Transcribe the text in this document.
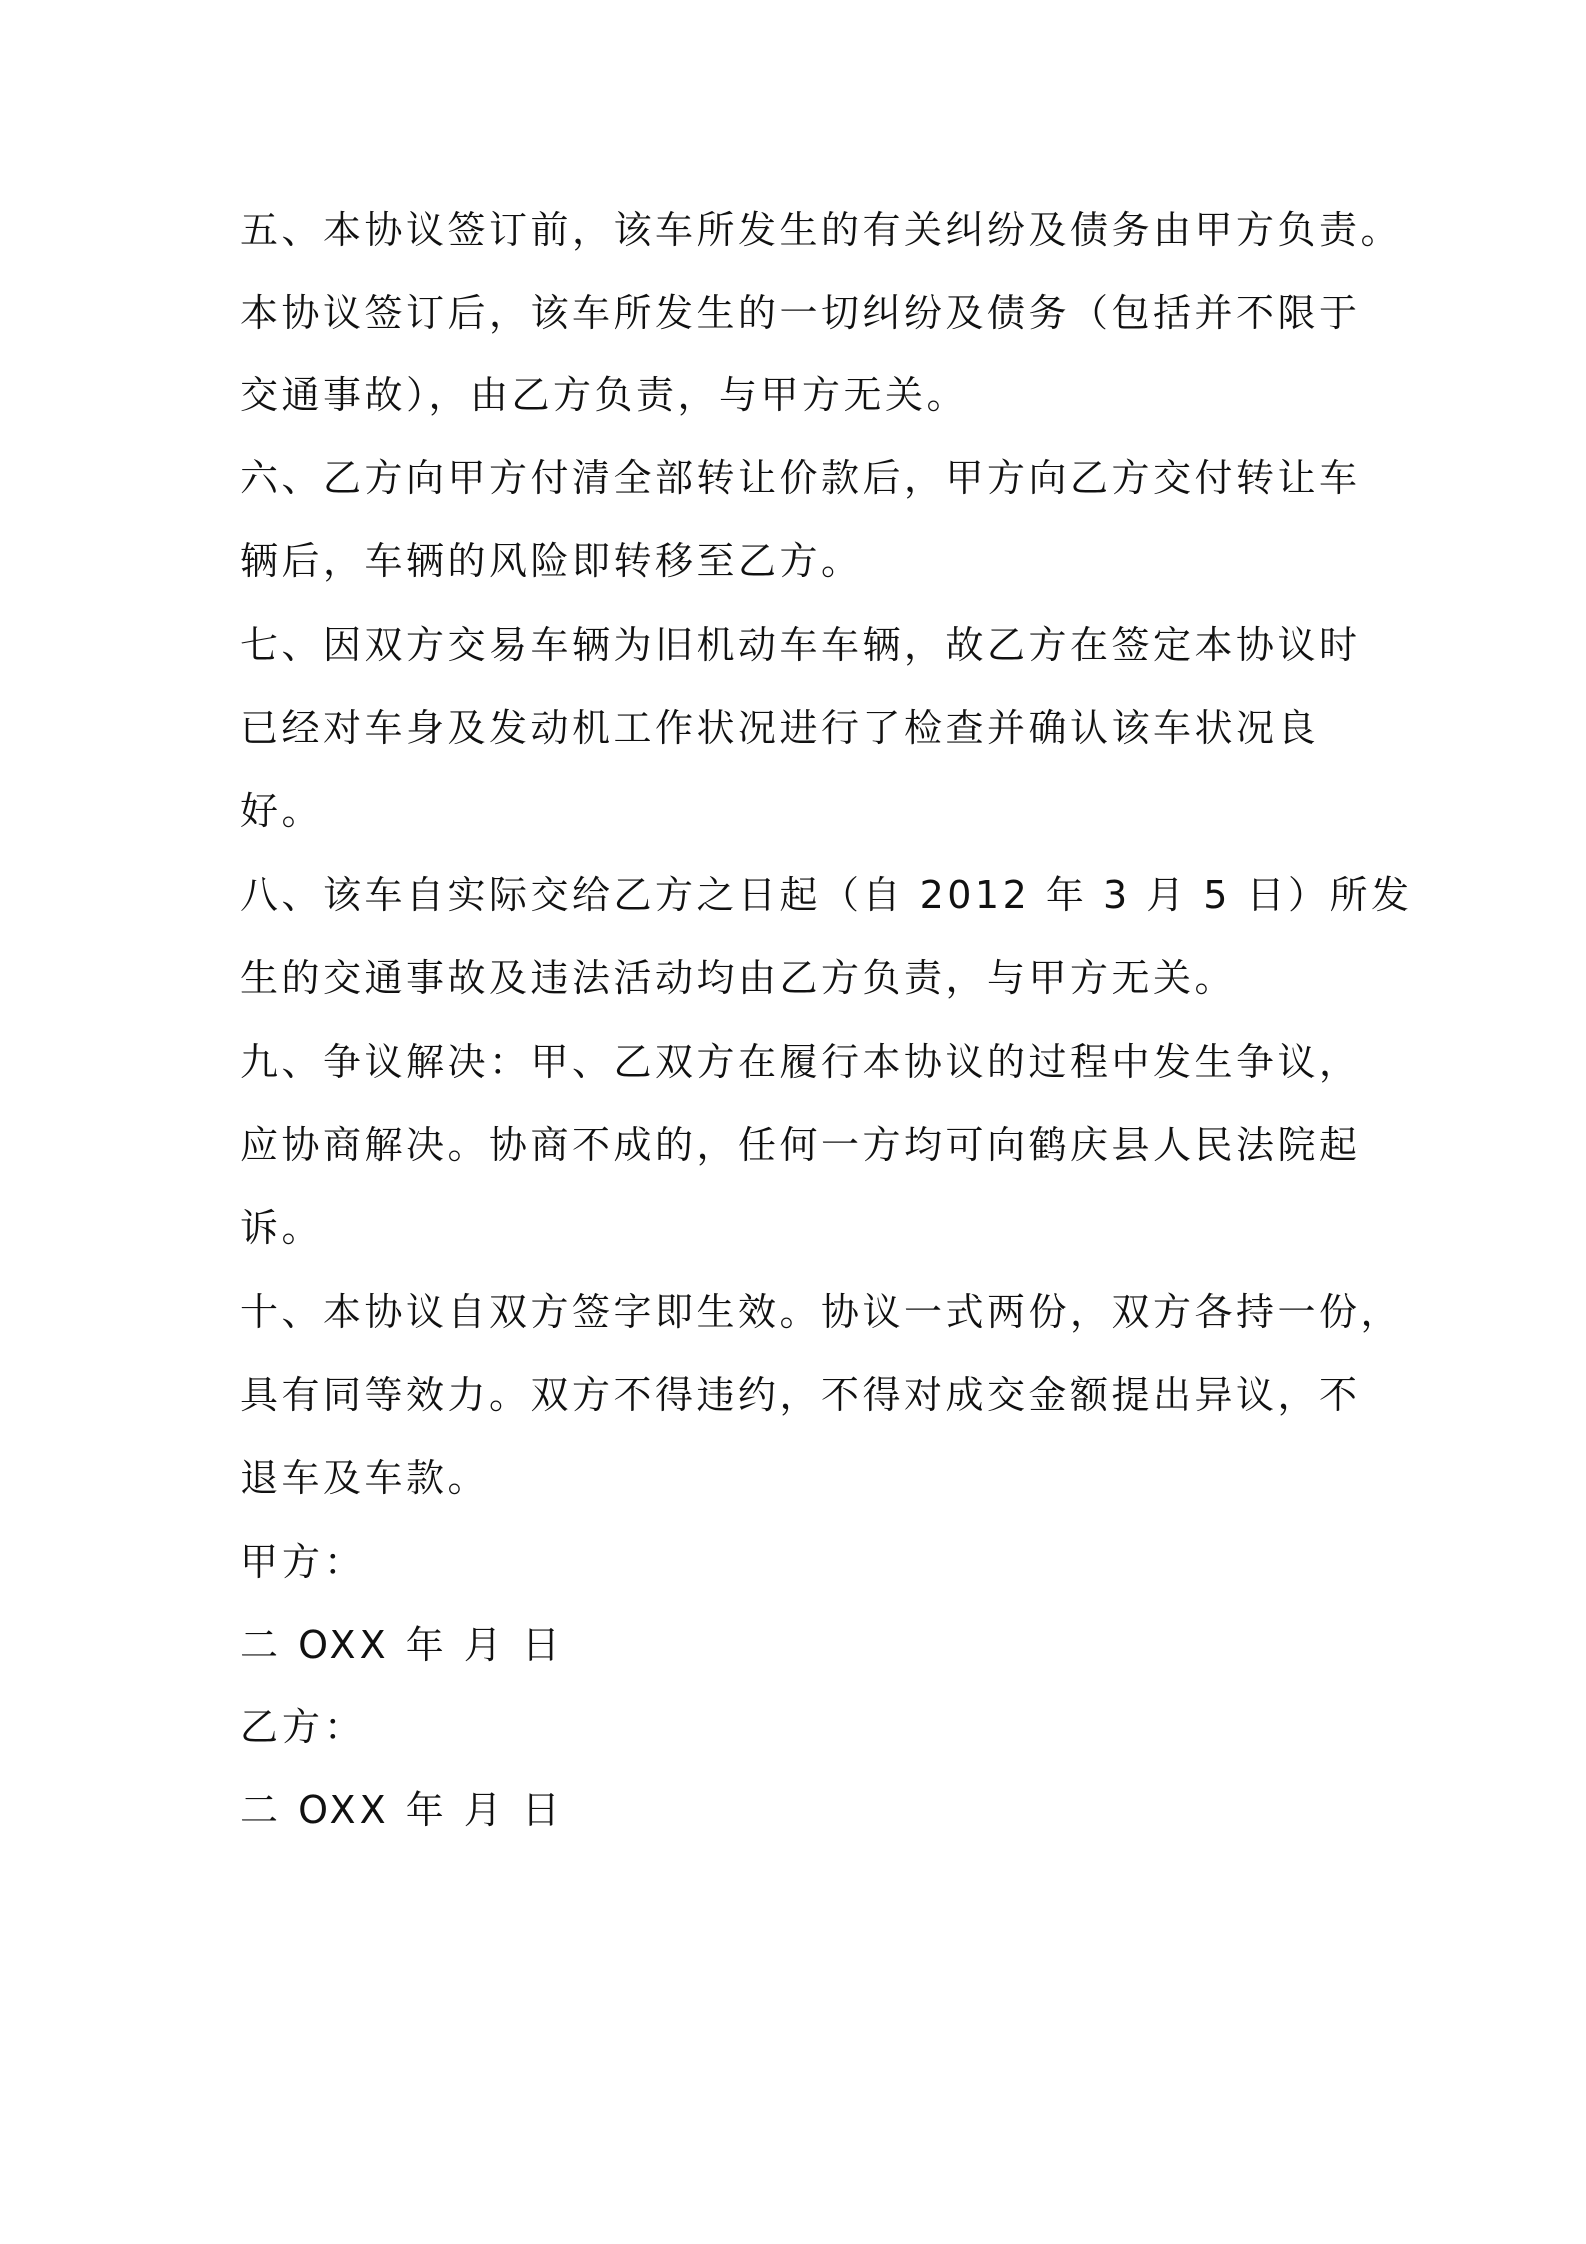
五、本协议签订前，该车所发生的有关纠纷及债务由甲方负责。
本协议签订后，该车所发生的一切纠纷及债务（包括并不限于
交通事故），由乙方负责，与甲方无关。
六、乙方向甲方付清全部转让价款后，甲方向乙方交付转让车
辆后，车辆的风险即转移至乙方。
七、因双方交易车辆为旧机动车车辆，故乙方在签定本协议时
已经对车身及发动机工作状况进行了检查并确认该车状况良
好。
八、该车自实际交给乙方之日起（自 2012 年 3 月 5 日）所发
生的交通事故及违法活动均由乙方负责，与甲方无关。
九、争议解决：甲、乙双方在履行本协议的过程中发生争议，
应协商解决。协商不成的，任何一方均可向鹤庆县人民法院起
诉。
十、本协议自双方签字即生效。协议一式两份，双方各持一份，
具有同等效力。双方不得违约，不得对成交金额提出异议，不
退车及车款。
甲方：
二 OXX 年 月 日
乙方：
二 OXX 年 月 日
